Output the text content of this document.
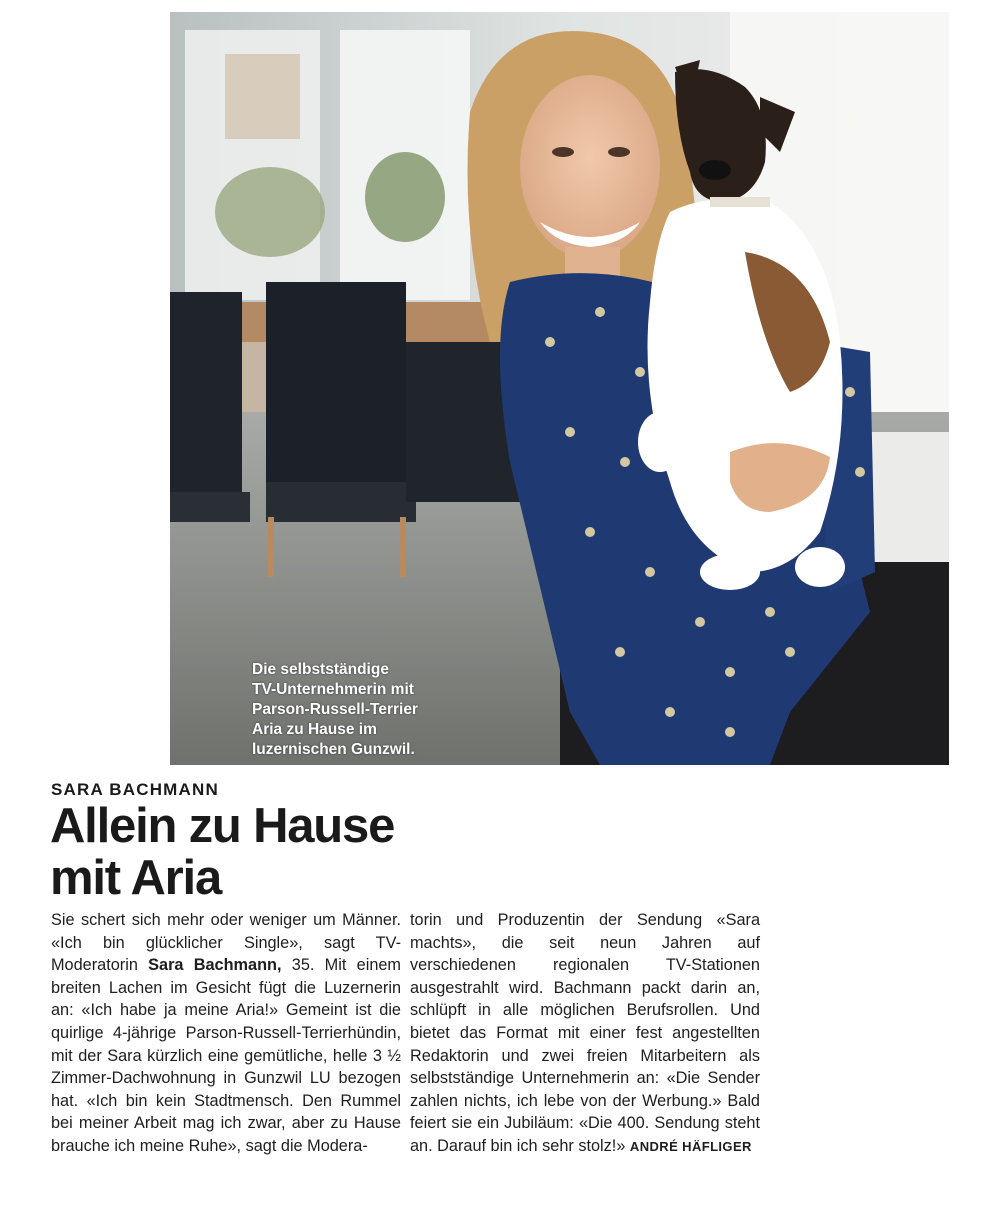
Die selbstständige
TV-Unternehmerin mit
Parson-Russell-Terrier
Aria zu Hause im
luzernischen Gunzwil.
SARA BACHMANN
Allein zu Hause
mit Aria
Sie schert sich mehr oder weniger um Männer. «Ich bin glücklicher Single», sagt TV-Moderatorin Sara Bachmann, 35. Mit einem breiten Lachen im Gesicht fügt die Luzernerin an: «Ich habe ja meine Aria!» Gemeint ist die quirlige 4-jährige Parson-Russell-Terrierhündin, mit der Sara kürzlich eine gemütliche, helle 3 ½ Zimmer-Dachwohnung in Gunzwil LU bezogen hat. «Ich bin kein Stadtmensch. Den Rummel bei meiner Arbeit mag ich zwar, aber zu Hause brauche ich meine Ruhe», sagt die Modera-
torin und Produzentin der Sendung «Sara machts», die seit neun Jahren auf verschiedenen regionalen TV-Stationen ausgestrahlt wird. Bachmann packt darin an, schlüpft in alle möglichen Berufsrollen. Und bietet das Format mit einer fest angestellten Redaktorin und zwei freien Mitarbeitern als selbstständige Unternehmerin an: «Die Sender zahlen nichts, ich lebe von der Werbung.» Bald feiert sie ein Jubiläum: «Die 400. Sendung steht an. Darauf bin ich sehr stolz!» ANDRÉ HÄFLIGER
